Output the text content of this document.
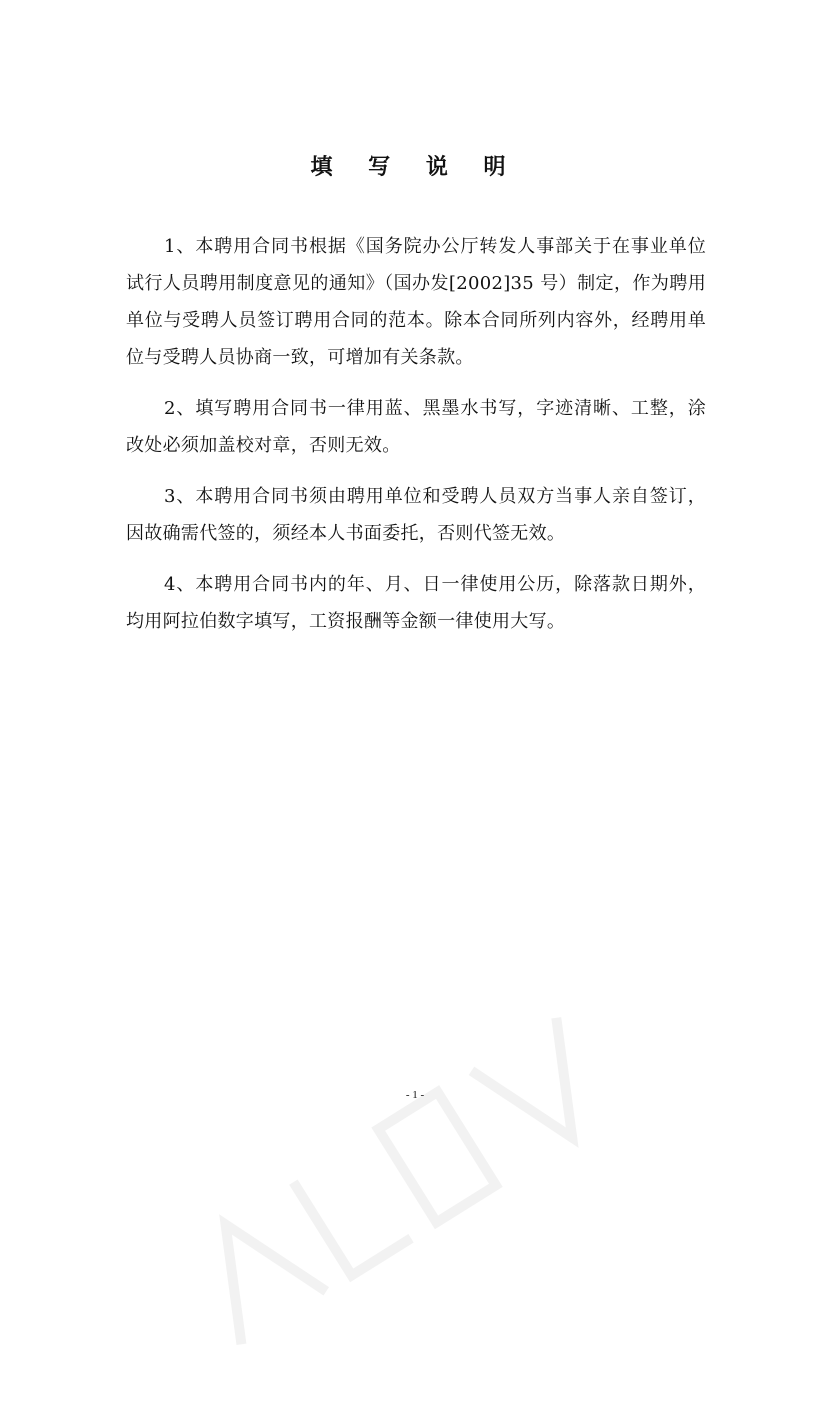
填 写 说 明

1、本聘用合同书根据《国务院办公厅转发人事部关于在事业单位试行人员聘用制度意见的通知》（国办发[2002]35 号）制定，作为聘用单位与受聘人员签订聘用合同的范本。除本合同所列内容外，经聘用单位与受聘人员协商一致，可增加有关条款。

2、填写聘用合同书一律用蓝、黑墨水书写，字迹清晰、工整，涂改处必须加盖校对章，否则无效。

3、本聘用合同书须由聘用单位和受聘人员双方当事人亲自签订，因故确需代签的，须经本人书面委托，否则代签无效。

4、本聘用合同书内的年、月、日一律使用公历，除落款日期外，均用阿拉伯数字填写，工资报酬等金额一律使用大写。

- 1 -
